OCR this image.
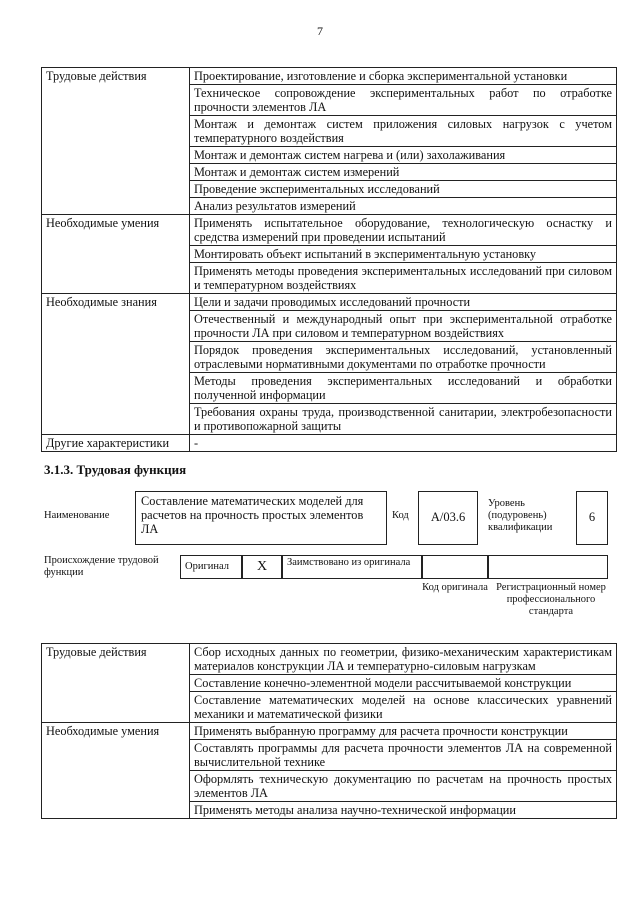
7
Трудовые действия	Проектирование, изготовление и сборка экспериментальной установки
	Техническое сопровождение экспериментальных работ по отработке прочности элементов ЛА
	Монтаж и демонтаж систем приложения силовых нагрузок с учетом температурного воздействия
	Монтаж и демонтаж систем нагрева и (или) захолаживания
	Монтаж и демонтаж систем измерений
	Проведение экспериментальных исследований
	Анализ результатов измерений
Необходимые умения	Применять испытательное оборудование, технологическую оснастку и средства измерений при проведении испытаний
	Монтировать объект испытаний в экспериментальную установку
	Применять методы проведения экспериментальных исследований при силовом и температурном воздействиях
Необходимые знания	Цели и задачи проводимых исследований прочности
	Отечественный и международный опыт при экспериментальной отработке прочности ЛА при силовом и температурном воздействиях
	Порядок проведения экспериментальных исследований, установленный отраслевыми нормативными документами по отработке прочности
	Методы проведения экспериментальных исследований и обработки полученной информации
	Требования охраны труда, производственной санитарии, электробезопасности и противопожарной защиты
Другие характеристики	-
3.1.3. Трудовая функция
Наименование
Составление математических моделей для расчетов на прочность простых элементов ЛА
Код	A/03.6
Уровень (подуровень) квалификации
6
Происхождение трудовой функции
Оригинал	X	Заимствовано из оригинала
Код оригинала Регистрационный номер профессионального стандарта
Трудовые действия	Сбор исходных данных по геометрии, физико-механическим характеристикам материалов конструкции ЛА и температурно-силовым нагрузкам
	Составление конечно-элементной модели рассчитываемой конструкции
	Составление математических моделей на основе классических уравнений механики и математической физики
Необходимые умения	Применять выбранную программу для расчета прочности конструкции
	Составлять программы для расчета прочности элементов ЛА на современной вычислительной технике
	Оформлять техническую документацию по расчетам на прочность простых элементов ЛА
	Применять методы анализа научно-технической информации
